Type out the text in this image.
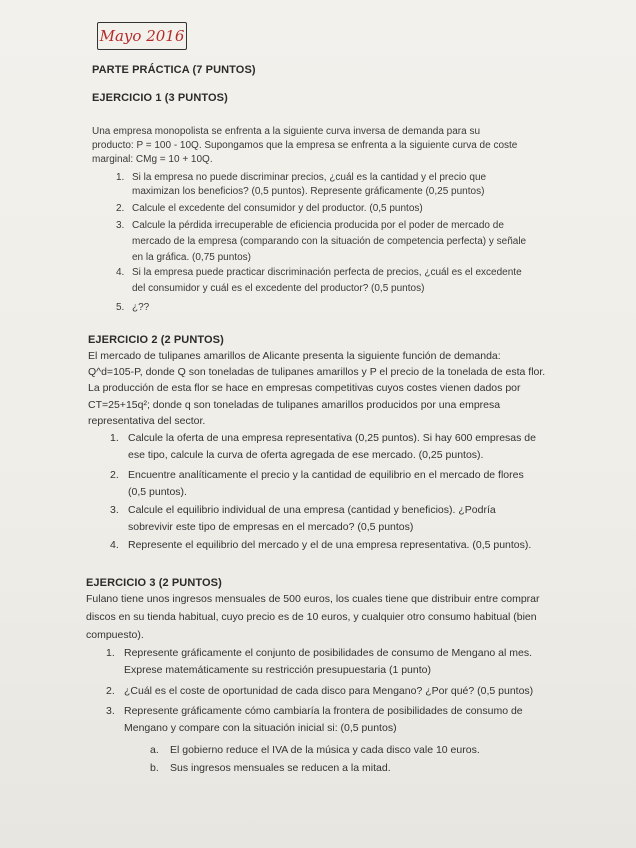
Mayo 2016
PARTE PRÁCTICA (7 PUNTOS)
EJERCICIO 1 (3 PUNTOS)
Una empresa monopolista se enfrenta a la siguiente curva inversa de demanda para su
producto: P = 100 - 10Q. Supongamos que la empresa se enfrenta a la siguiente curva de coste
marginal: CMg = 10 + 10Q.
1. Si la empresa no puede discriminar precios, ¿cuál es la cantidad y el precio que
maximizan los beneficios? (0,5 puntos). Represente gráficamente (0,25 puntos)
2. Calcule el excedente del consumidor y del productor. (0,5 puntos)
3. Calcule la pérdida irrecuperable de eficiencia producida por el poder de mercado de
mercado de la empresa (comparando con la situación de competencia perfecta) y señale
en la gráfica. (0,75 puntos)
4. Si la empresa puede practicar discriminación perfecta de precios, ¿cuál es el excedente
del consumidor y cuál es el excedente del productor? (0,5 puntos)
5. ¿??
EJERCICIO 2 (2 PUNTOS)
El mercado de tulipanes amarillos de Alicante presenta la siguiente función de demanda:
Q^d=105-P, donde Q son toneladas de tulipanes amarillos y P el precio de la tonelada de esta flor.
La producción de esta flor se hace en empresas competitivas cuyos costes vienen dados por
CT=25+15q²; donde q son toneladas de tulipanes amarillos producidos por una empresa
representativa del sector.
1. Calcule la oferta de una empresa representativa (0,25 puntos). Si hay 600 empresas de
ese tipo, calcule la curva de oferta agregada de ese mercado. (0,25 puntos).
2. Encuentre analíticamente el precio y la cantidad de equilibrio en el mercado de flores
(0,5 puntos).
3. Calcule el equilibrio individual de una empresa (cantidad y beneficios). ¿Podría
sobrevivir este tipo de empresas en el mercado? (0,5 puntos)
4. Represente el equilibrio del mercado y el de una empresa representativa. (0,5 puntos).
EJERCICIO 3 (2 PUNTOS)
Fulano tiene unos ingresos mensuales de 500 euros, los cuales tiene que distribuir entre comprar
discos en su tienda habitual, cuyo precio es de 10 euros, y cualquier otro consumo habitual (bien
compuesto).
1. Represente gráficamente el conjunto de posibilidades de consumo de Mengano al mes.
Exprese matemáticamente su restricción presupuestaria (1 punto)
2. ¿Cuál es el coste de oportunidad de cada disco para Mengano? ¿Por qué? (0,5 puntos)
3. Represente gráficamente cómo cambiaría la frontera de posibilidades de consumo de
Mengano y compare con la situación inicial si: (0,5 puntos)
a. El gobierno reduce el IVA de la música y cada disco vale 10 euros.
b. Sus ingresos mensuales se reducen a la mitad.
